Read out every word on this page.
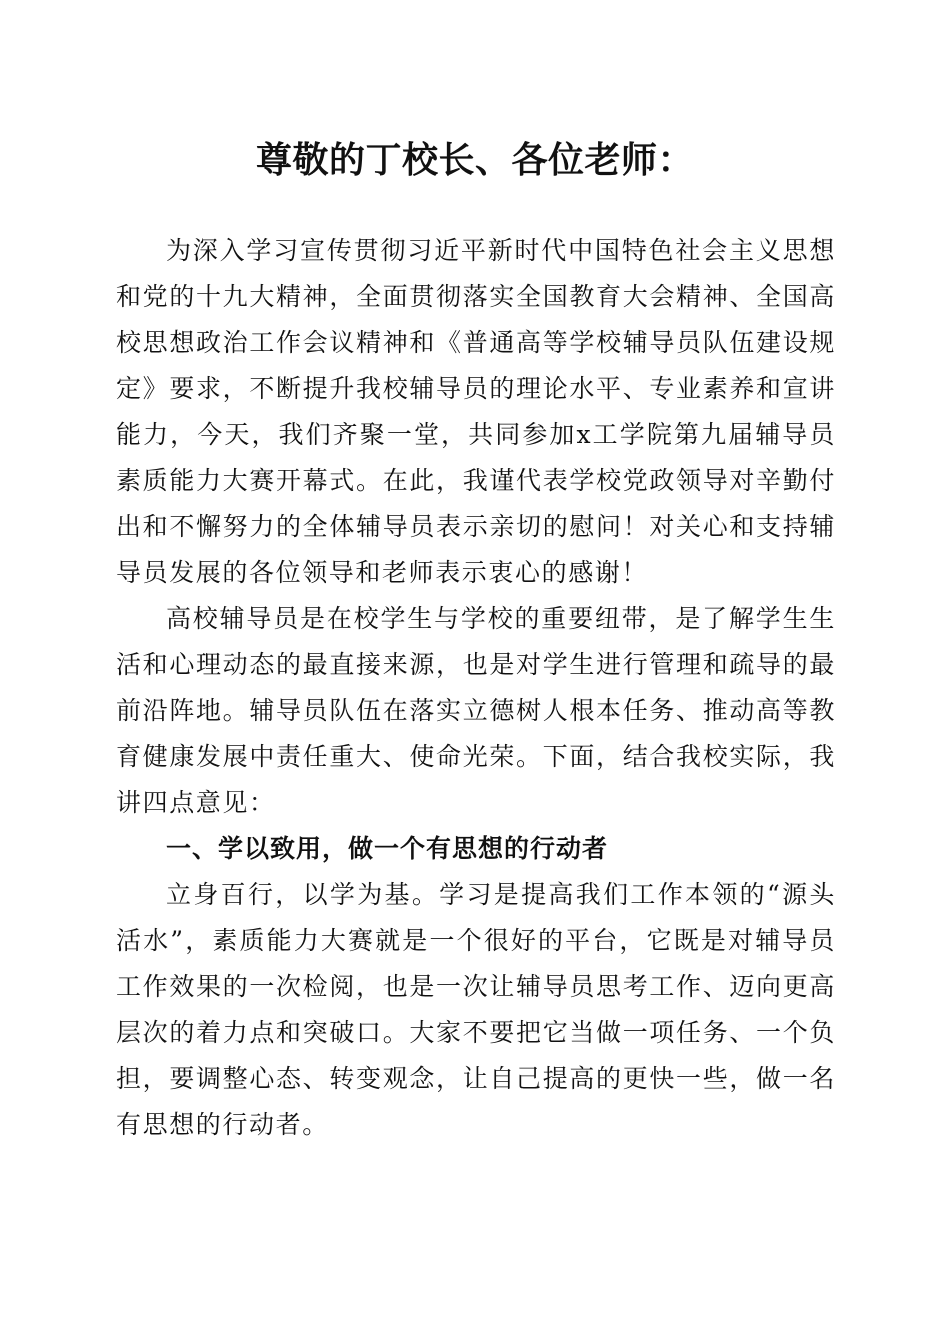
尊敬的丁校长、各位老师：

为深入学习宣传贯彻习近平新时代中国特色社会主义思想和党的十九大精神，全面贯彻落实全国教育大会精神、全国高校思想政治工作会议精神和《普通高等学校辅导员队伍建设规定》要求，不断提升我校辅导员的理论水平、专业素养和宣讲能力，今天，我们齐聚一堂，共同参加x工学院第九届辅导员素质能力大赛开幕式。在此，我谨代表学校党政领导对辛勤付出和不懈努力的全体辅导员表示亲切的慰问！对关心和支持辅导员发展的各位领导和老师表示衷心的感谢！

高校辅导员是在校学生与学校的重要纽带，是了解学生生活和心理动态的最直接来源，也是对学生进行管理和疏导的最前沿阵地。辅导员队伍在落实立德树人根本任务、推动高等教育健康发展中责任重大、使命光荣。下面，结合我校实际，我讲四点意见：

一、学以致用，做一个有思想的行动者

立身百行，以学为基。学习是提高我们工作本领的“源头活水”，素质能力大赛就是一个很好的平台，它既是对辅导员工作效果的一次检阅，也是一次让辅导员思考工作、迈向更高层次的着力点和突破口。大家不要把它当做一项任务、一个负担，要调整心态、转变观念，让自己提高的更快一些，做一名有思想的行动者。
